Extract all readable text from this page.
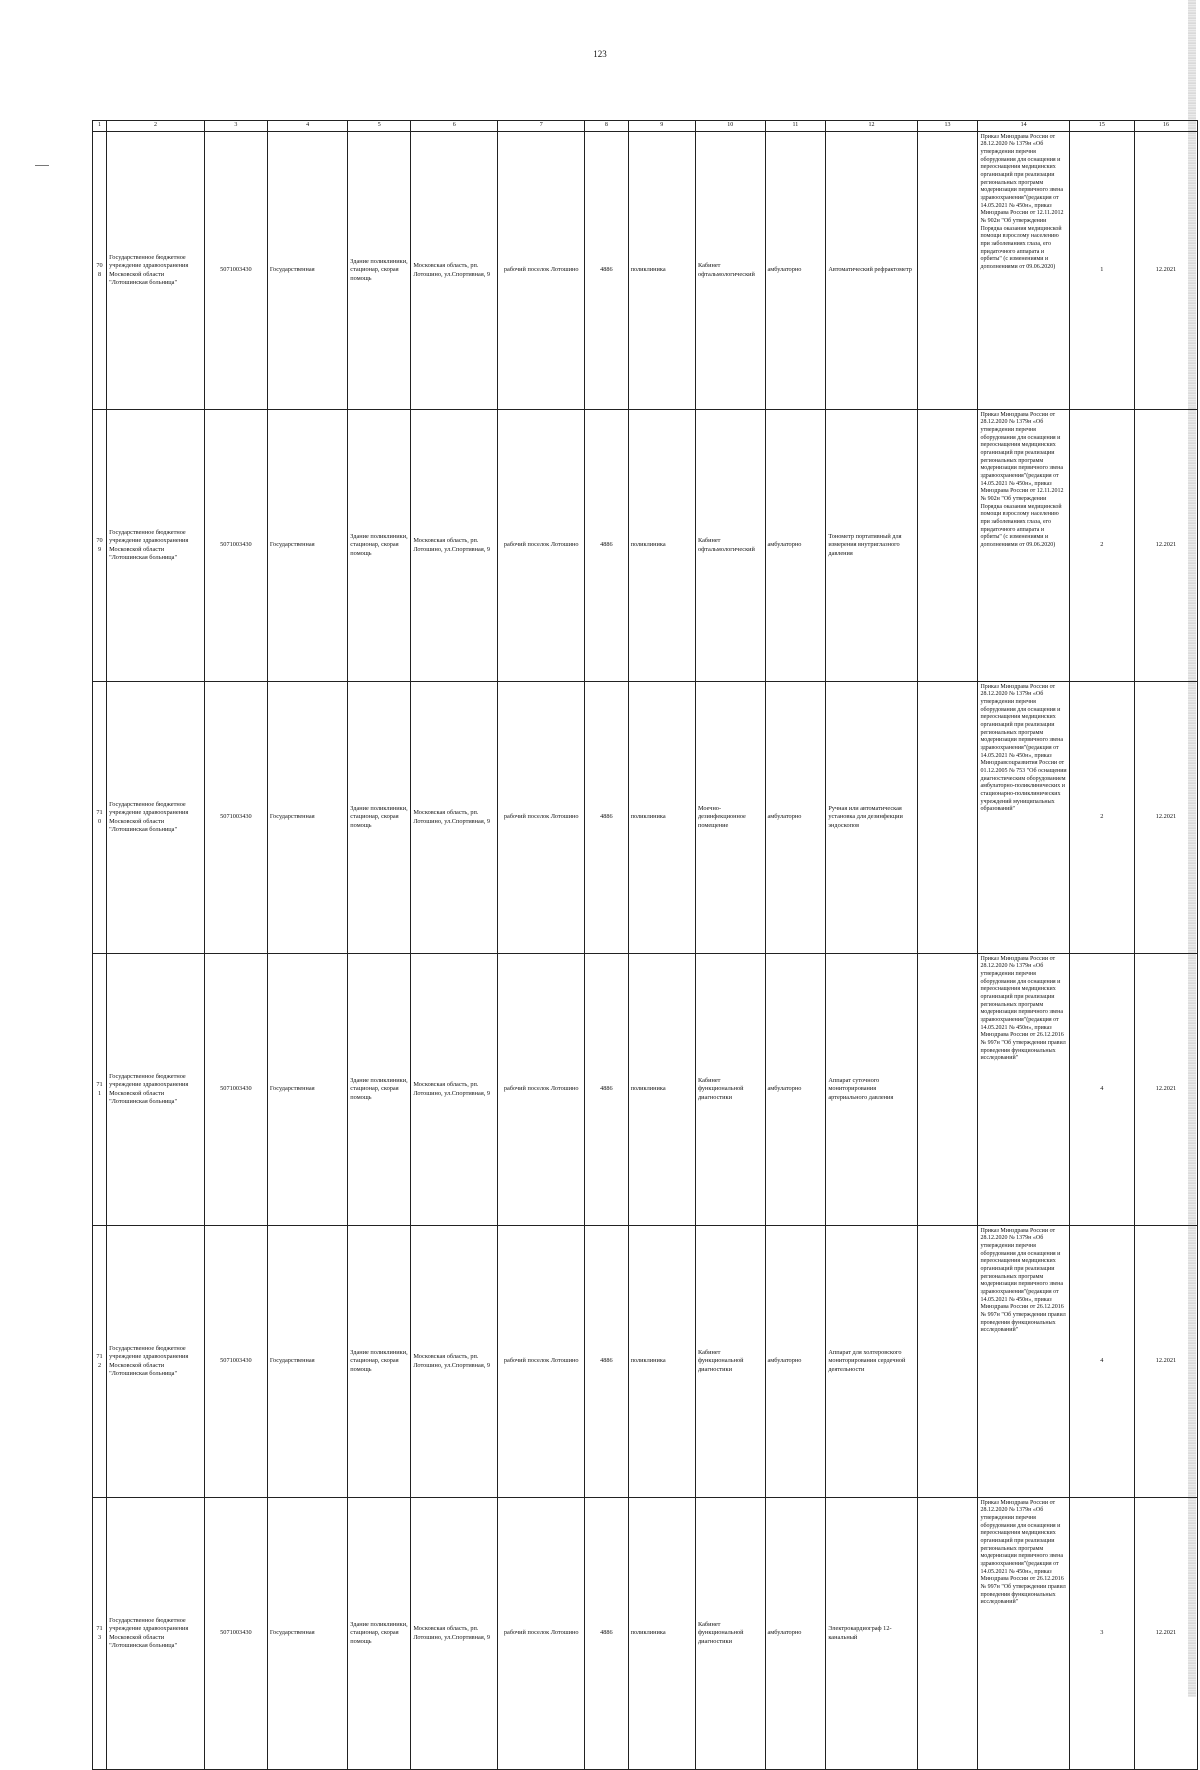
123
1	2	3	4	5	6	7	8	9	10	11	12	13	14	15	16
708	Государственное бюджетное учреждение здравоохранения Московской области "Лотошинская больница"	5071003430	Государственная	Здание поликлиники, стационар, скорая помощь	Московская область, рп. Лотошино, ул.Спортивная, 9	рабочий поселок Лотошино	4886	поликлиника	Кабинет офтальмологический	амбулаторно	Автоматический рефрактометр		Приказ Минздрава России от 28.12.2020 № 1379н «Об утверждении перечня оборудования для оснащения и переоснащения медицинских организаций при реализации региональных программ модернизации первичного звена здравоохранения"(редакция от 14.05.2021 № 450н», приказ Минздрава России от 12.11.2012 № 902н "Об утверждении Порядка оказания медицинской помощи взрослому населению при заболеваниях глаза, его придаточного аппарата и орбиты" (с изменениями и дополнениями от 09.06.2020)	1	12.2021
709	Государственное бюджетное учреждение здравоохранения Московской области "Лотошинская больница"	5071003430	Государственная	Здание поликлиники, стационар, скорая помощь	Московская область, рп. Лотошино, ул.Спортивная, 9	рабочий поселок Лотошино	4886	поликлиника	Кабинет офтальмологический	амбулаторно	Тонометр портативный для измерения внутриглазного давления		Приказ Минздрава России от 28.12.2020 № 1379н «Об утверждении перечня оборудования для оснащения и переоснащения медицинских организаций при реализации региональных программ модернизации первичного звена здравоохранения"(редакция от 14.05.2021 № 450н», приказ Минздрава России от 12.11.2012 № 902н "Об утверждении Порядка оказания медицинской помощи взрослому населению при заболеваниях глаза, его придаточного аппарата и орбиты" (с изменениями и дополнениями от 09.06.2020)	2	12.2021
710	Государственное бюджетное учреждение здравоохранения Московской области "Лотошинская больница"	5071003430	Государственная	Здание поликлиники, стационар, скорая помощь	Московская область, рп. Лотошино, ул.Спортивная, 9	рабочий поселок Лотошино	4886	поликлиника	Моечно-дезинфекционное помещение	амбулаторно	Ручная или автоматическая установка для дезинфекции эндоскопов		Приказ Минздрава России от 28.12.2020 № 1379н «Об утверждении перечня оборудования для оснащения и переоснащения медицинских организаций при реализации региональных программ модернизации первичного звена здравоохранения"(редакция от 14.05.2021 № 450н», приказ Минздравсоцразвития России от 01.12.2005 № 753 "Об оснащении диагностическим оборудованием амбулаторно-поликлинических и стационарно-поликлинических учреждений муниципальных образований"	2	12.2021
711	Государственное бюджетное учреждение здравоохранения Московской области "Лотошинская больница"	5071003430	Государственная	Здание поликлиники, стационар, скорая помощь	Московская область, рп. Лотошино, ул.Спортивная, 9	рабочий поселок Лотошино	4886	поликлиника	Кабинет функциональной диагностики	амбулаторно	Аппарат суточного мониторирования артериального давления		Приказ Минздрава России от 28.12.2020 № 1379н «Об утверждении перечня оборудования для оснащения и переоснащения медицинских организаций при реализации региональных программ модернизации первичного звена здравоохранения"(редакция от 14.05.2021 № 450н», приказ Минздрава России от 26.12.2016 № 997н "Об утверждении правил проведения функциональных исследований"	4	12.2021
712	Государственное бюджетное учреждение здравоохранения Московской области "Лотошинская больница"	5071003430	Государственная	Здание поликлиники, стационар, скорая помощь	Московская область, рп. Лотошино, ул.Спортивная, 9	рабочий поселок Лотошино	4886	поликлиника	Кабинет функциональной диагностики	амбулаторно	Аппарат для холтеровского мониторирования сердечной деятельности		Приказ Минздрава России от 28.12.2020 № 1379н «Об утверждении перечня оборудования для оснащения и переоснащения медицинских организаций при реализации региональных программ модернизации первичного звена здравоохранения"(редакция от 14.05.2021 № 450н», приказ Минздрава России от 26.12.2016 № 997н "Об утверждении правил проведения функциональных исследований"	4	12.2021
713	Государственное бюджетное учреждение здравоохранения Московской области "Лотошинская больница"	5071003430	Государственная	Здание поликлиники, стационар, скорая помощь	Московская область, рп. Лотошино, ул.Спортивная, 9	рабочий поселок Лотошино	4886	поликлиника	Кабинет функциональной диагностики	амбулаторно	Электрокардиограф 12-канальный		Приказ Минздрава России от 28.12.2020 № 1379н «Об утверждении перечня оборудования для оснащения и переоснащения медицинских организаций при реализации региональных программ модернизации первичного звена здравоохранения"(редакция от 14.05.2021 № 450н», приказ Минздрава России от 26.12.2016 № 997н "Об утверждении правил проведения функциональных исследований"	3	12.2021
